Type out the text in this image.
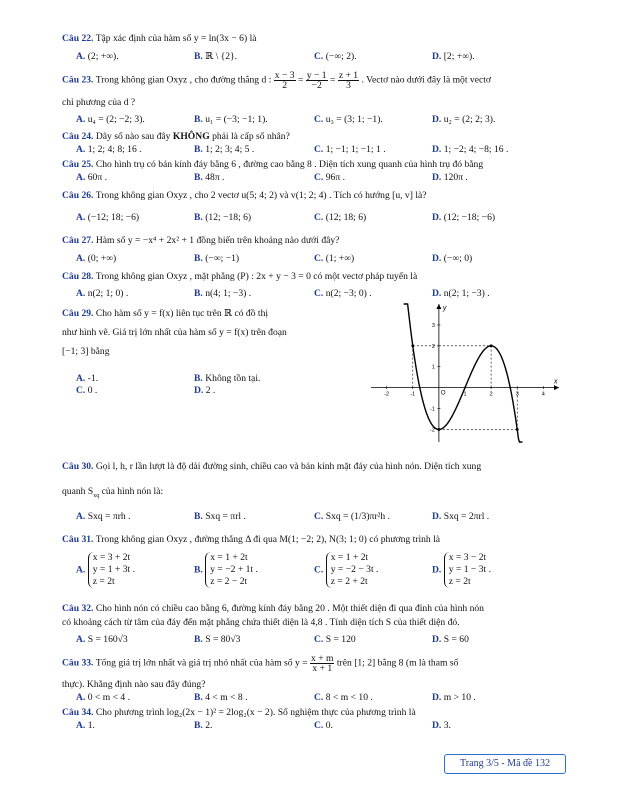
Câu 22. Tập xác định của hàm số y = ln(3x − 6) là
A. (2; +∞).	B. ℝ \ {2}.	C. (−∞; 2).	D. [2; +∞).
Câu 23. Trong không gian Oxyz , cho đường thẳng d : $\frac{x - 3}{2} = \frac{y - 1}{-2} = \frac{z + 1}{3}$ . Vectơ nào dưới đây là một vectơ
chỉ phương của d ?
A. u₄ = (2; −2; 3).	B. u₁ = (−3; −1; 1).	C. u₃ = (3; 1; −1).	D. u₂ = (2; 2; 3).
Câu 24. Dãy số nào sau đây KHÔNG phải là cấp số nhân?
A. 1; 2; 4; 8; 16 .	B. 1; 2; 3; 4; 5 .	C. 1; −1; 1; −1; 1 .	D. 1; −2; 4; −8; 16 .
Câu 25. Cho hình trụ có bán kính đáy bằng 6 , đường cao bằng 8 . Diện tích xung quanh của hình trụ đó bằng
A. 60π .	B. 48π .	C. 96π .	D. 120π .
Câu 26. Trong không gian Oxyz , cho 2 vectơ u(5; 4; 2) và v(1; 2; 4) . Tích có hướng [u, v] là?
A. (−12; 18; −6)	B. (12; −18; 6)	C. (12; 18; 6)	D. (12; −18; −6)
Câu 27. Hàm số y = −x⁴ + 2x² + 1 đồng biến trên khoảng nào dưới đây?
A. (0; +∞)	B. (−∞; −1)	C. (1; +∞)	D. (−∞; 0)
Câu 28. Trong không gian Oxyz , mặt phẳng (P) : 2x + y − 3 = 0 có một vectơ pháp tuyến là
A. n(2; 1; 0) .	B. n(4; 1; −3) .	C. n(2; −3; 0) .	D. n(2; 1; −3) .
Câu 29. Cho hàm số y = f(x) liên tục trên ℝ có đồ thị
như hình vẽ. Giá trị lớn nhất của hàm số y = f(x) trên đoạn
[−1; 3] bằng
A. -1.	B. Không tồn tại.
C. 0 .	D. 2 .	-2	-1	1	2	3	4
3
2
1
-1
-2
y
x
O
Câu 30. Gọi l, h, r lần lượt là độ dài đường sinh, chiều cao và bán kính mặt đáy của hình nón. Diện tích xung
quanh $S_{xq}$ của hình nón là:
A. Sxq = πrh .	B. Sxq = πrl .	C. Sxq = (1/3)πr²h .	D. Sxq = 2πrl .
Câu 31. Trong không gian Oxyz , đường thẳng Δ đi qua M(1; −2; 2), N(3; 1; 0) có phương trình là
A. x = 3 + 2t
y = 1 + 3t .
z = 2t
B. x = 1 + 2t
y = −2 + 1t .
z = 2 − 2t
C. x = 1 + 2t
y = −2 − 3t .
z = 2 + 2t
D. x = 3 − 2t
y = 1 − 3t .
z = 2t
Câu 32. Cho hình nón có chiều cao bằng 6, đường kính đáy bằng 20 . Một thiết diện đi qua đỉnh của hình nón
có khoảng cách từ tâm của đáy đến mặt phẳng chứa thiết diện là 4,8 . Tính diện tích S của thiết diện đó.
A. S = 160√3	B. S = 80√3	C. S = 120	D. S = 60
Câu 33. Tổng giá trị lớn nhất và giá trị nhỏ nhất của hàm số $y = \frac{x + m}{x + 1}$ trên [1; 2] bằng 8 (m là tham số
thực). Khẳng định nào sau đây đúng?
A. 0 < m < 4 .	B. 4 < m < 8 .	C. 8 < m < 10 .	D. m > 10 .
Câu 34. Cho phương trình log₂(2x − 1)² = 2log₂(x − 2). Số nghiệm thực của phương trình là
A. 1.	B. 2.	C. 0.	D. 3.
Trang 3/5 - Mã đề 132
